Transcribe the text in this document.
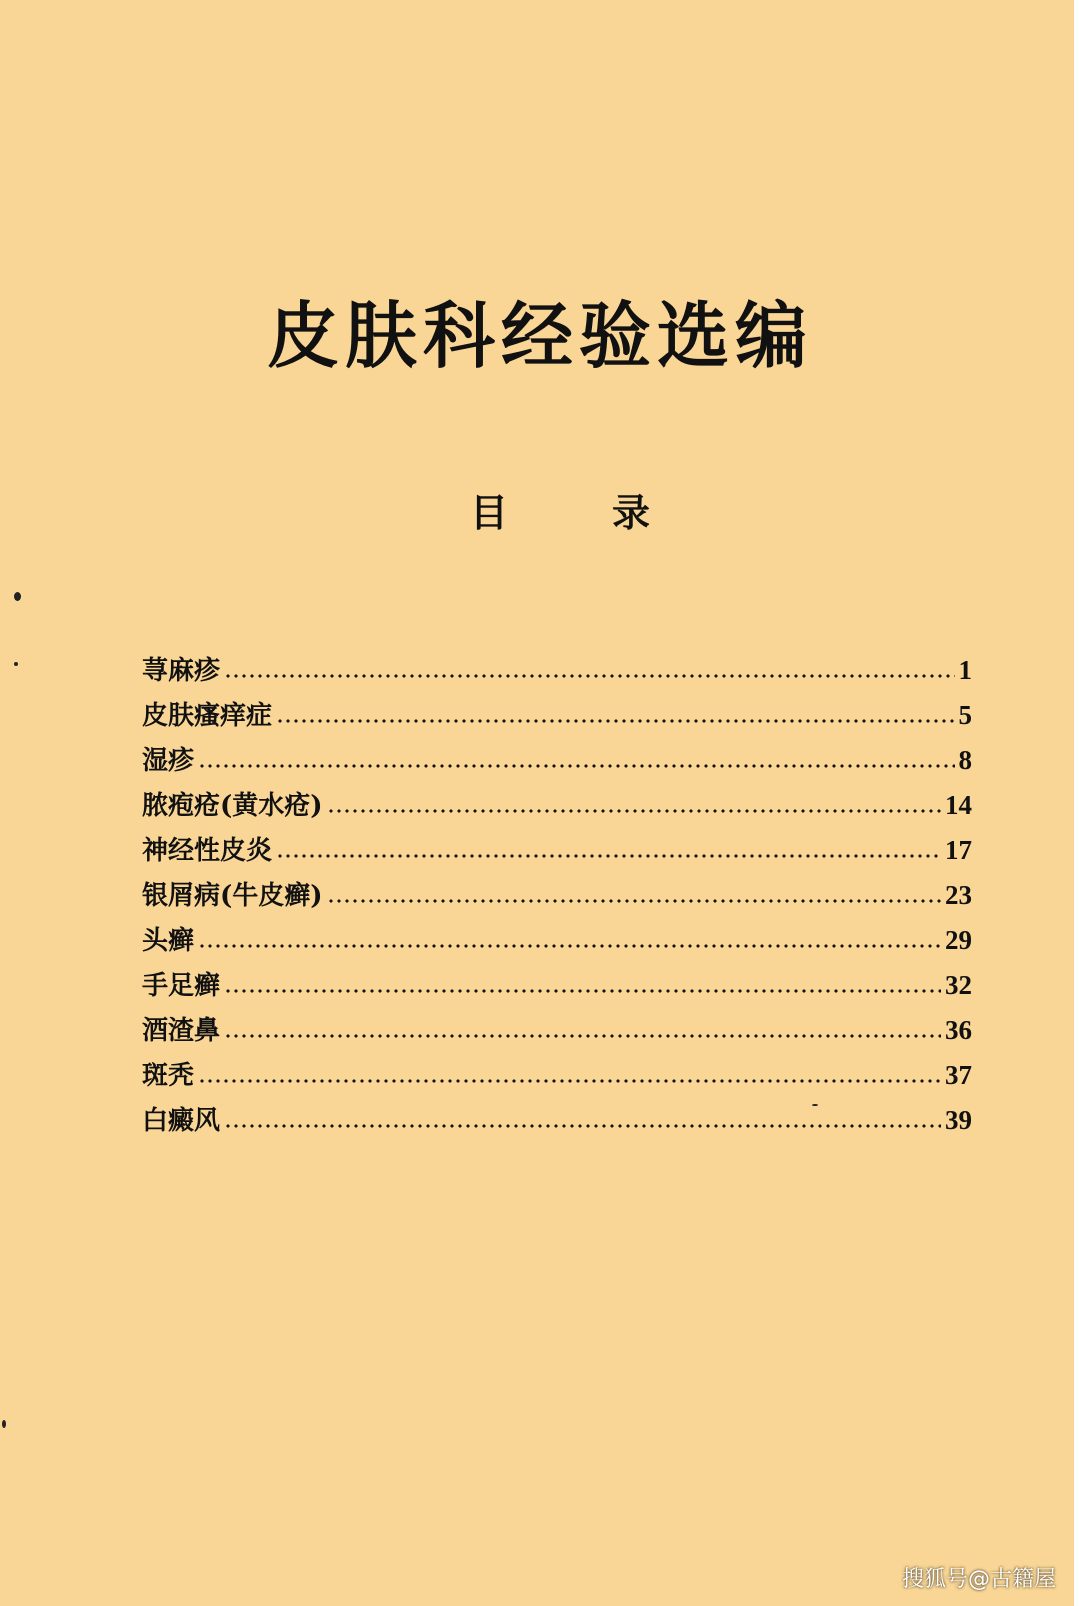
皮肤科经验选编
目	录
荨麻疹	1
皮肤瘙痒症	5
湿疹	8
脓疱疮(黄水疮)	14
神经性皮炎	17
银屑病(牛皮癣)	23
头癣	29
手足癣	32
酒渣鼻	36
斑秃	37
白癜风	39
搜狐号@古籍屋
